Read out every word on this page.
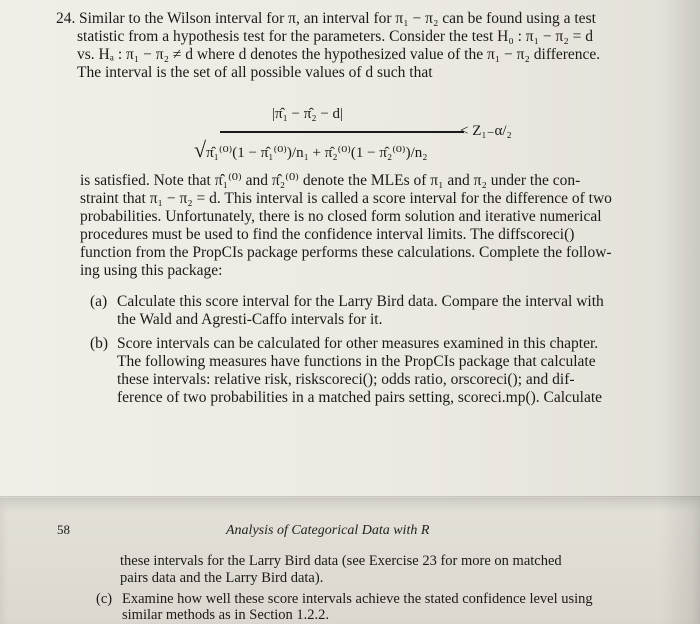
24. Similar to the Wilson interval for π, an interval for π₁ − π₂ can be found using a test
statistic from a hypothesis test for the parameters. Consider the test H₀ : π₁ − π₂ = d
vs. Hₐ : π₁ − π₂ ≠ d where d denotes the hypothesized value of the π₁ − π₂ difference.
The interval is the set of all possible values of d such that
|π̂₁ − π̂₂ − d|
√π̂₁⁽⁰⁾(1 − π̂₁⁽⁰⁾)/n₁ + π̂₂⁽⁰⁾(1 − π̂₂⁽⁰⁾)/n₂
< Z₁₋α/₂
is satisfied. Note that π̂₁⁽⁰⁾ and π̂₂⁽⁰⁾ denote the MLEs of π₁ and π₂ under the con-
straint that π₁ − π₂ = d. This interval is called a score interval for the difference of two
probabilities. Unfortunately, there is no closed form solution and iterative numerical
procedures must be used to find the confidence interval limits. The diffscoreci()
function from the PropCIs package performs these calculations. Complete the follow-
ing using this package:
(a) Calculate this score interval for the Larry Bird data. Compare the interval with
the Wald and Agresti-Caffo intervals for it.
(b) Score intervals can be calculated for other measures examined in this chapter.
The following measures have functions in the PropCIs package that calculate
these intervals: relative risk, riskscoreci(); odds ratio, orscoreci(); and dif-
ference of two probabilities in a matched pairs setting, scoreci.mp(). Calculate
58	Analysis of Categorical Data with R
these intervals for the Larry Bird data (see Exercise 23 for more on matched
pairs data and the Larry Bird data).
(c) Examine how well these score intervals achieve the stated confidence level using
similar methods as in Section 1.2.2.
